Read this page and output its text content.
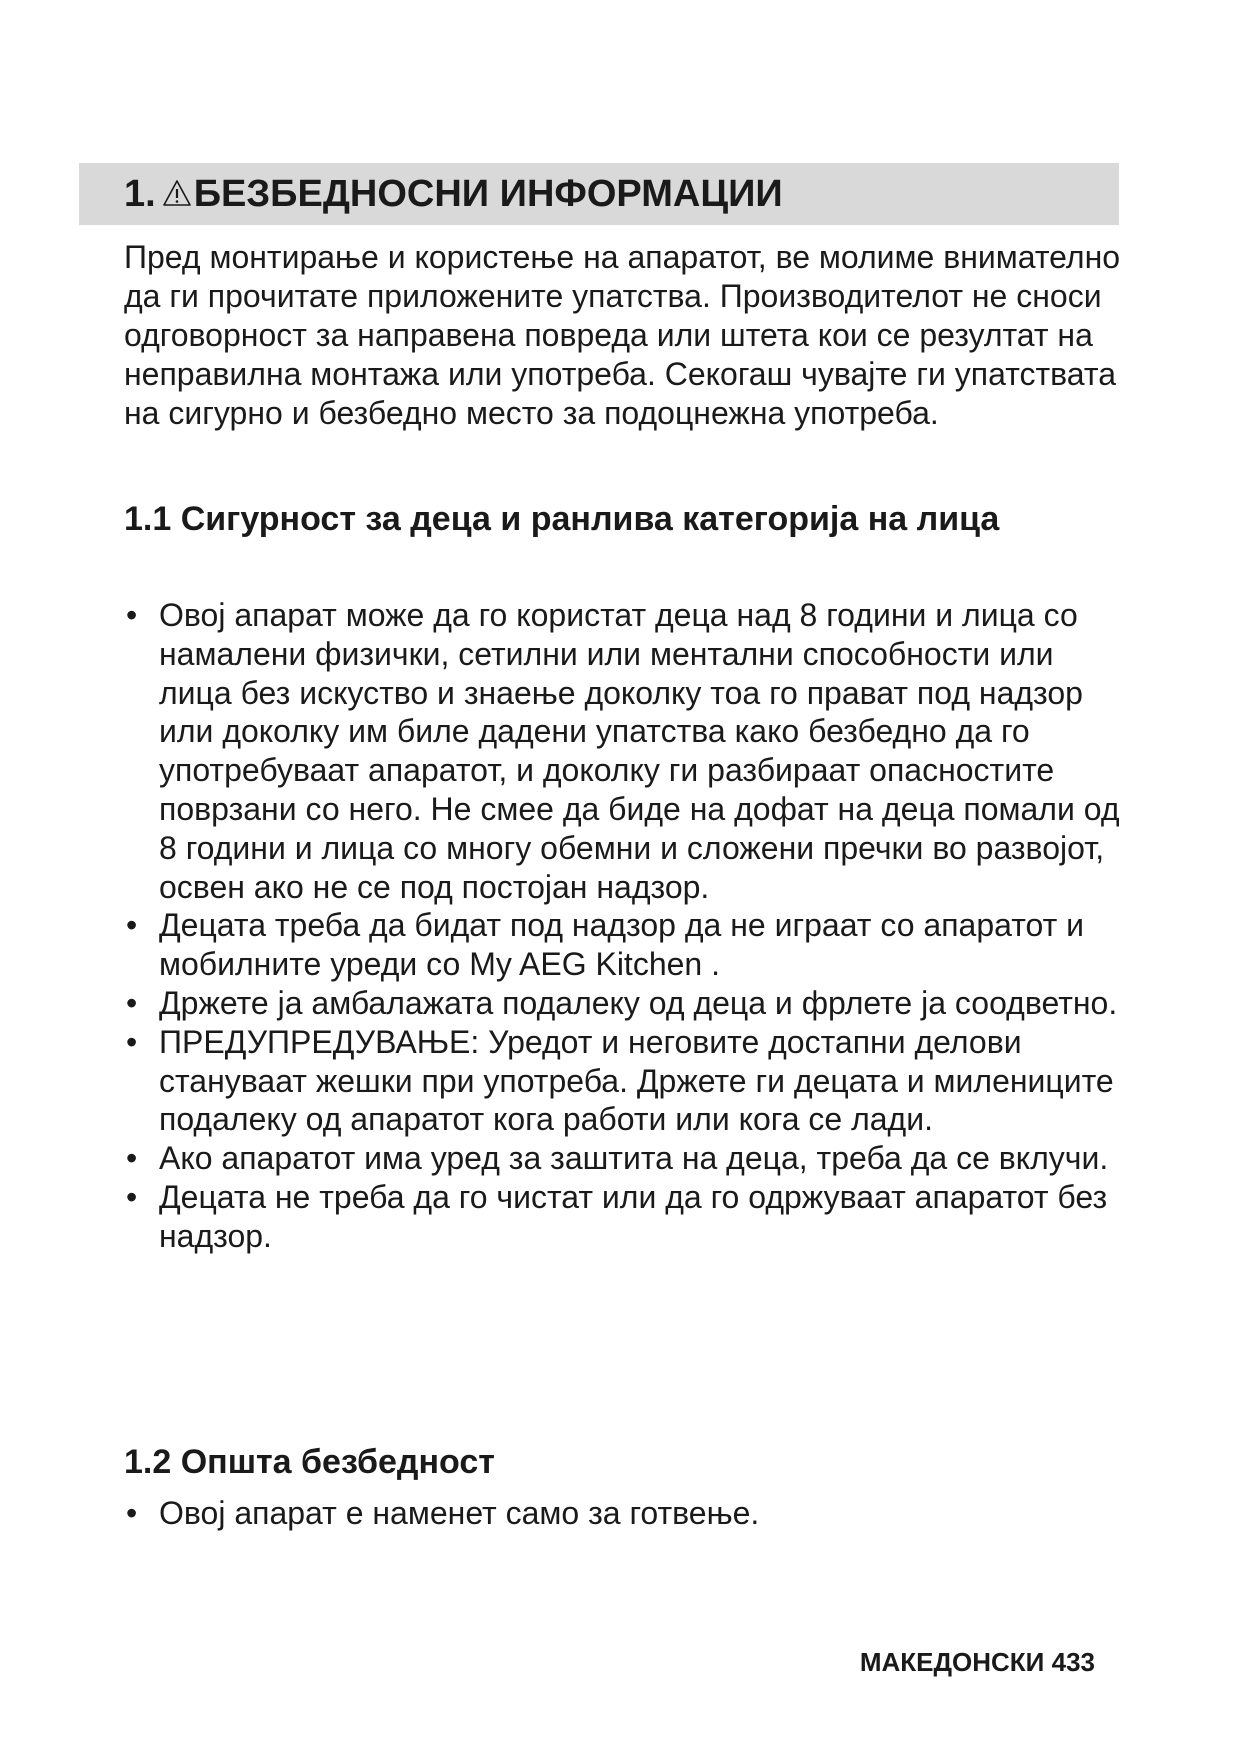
1. БЕЗБЕДНОСНИ ИНФОРМАЦИИ

Пред монтирање и користење на апаратот, ве молиме внимателно да ги прочитате приложените упатства. Производителот не сноси одговорност за направена повреда или штета кои се резултат на неправилна монтажа или употреба. Секогаш чувајте ги упатствата на сигурно и безбедно место за подоцнежна употреба.

1.1 Сигурност за деца и ранлива категорија на лица
• Овој апарат може да го користат деца над 8 години и лица со намалени физички, сетилни или ментални способности или лица без искуство и знаење доколку тоа го прават под надзор или доколку им биле дадени упатства како безбедно да го употребуваат апаратот, и доколку ги разбираат опасностите поврзани со него. Не смее да биде на дофат на деца помали од 8 години и лица со многу обемни и сложени пречки во развојот, освен ако не се под постојан надзор.
• Децата треба да бидат под надзор да не играат со апаратот и мобилните уреди со My AEG Kitchen .
• Држете ја амбалажата подалеку од деца и фрлете ја соодветно.
• ПРЕДУПРЕДУВАЊЕ: Уредот и неговите достапни делови стануваат жешки при употреба. Држете ги децата и милениците подалеку од апаратот кога работи или кога се лади.
• Ако апаратот има уред за заштита на деца, треба да се вклучи.
• Децата не треба да го чистат или да го одржуваат апаратот без надзор.
1.2 Општа безбедност
• Овој апарат е наменет само за готвење.
МАКЕДОНСКИ 433
